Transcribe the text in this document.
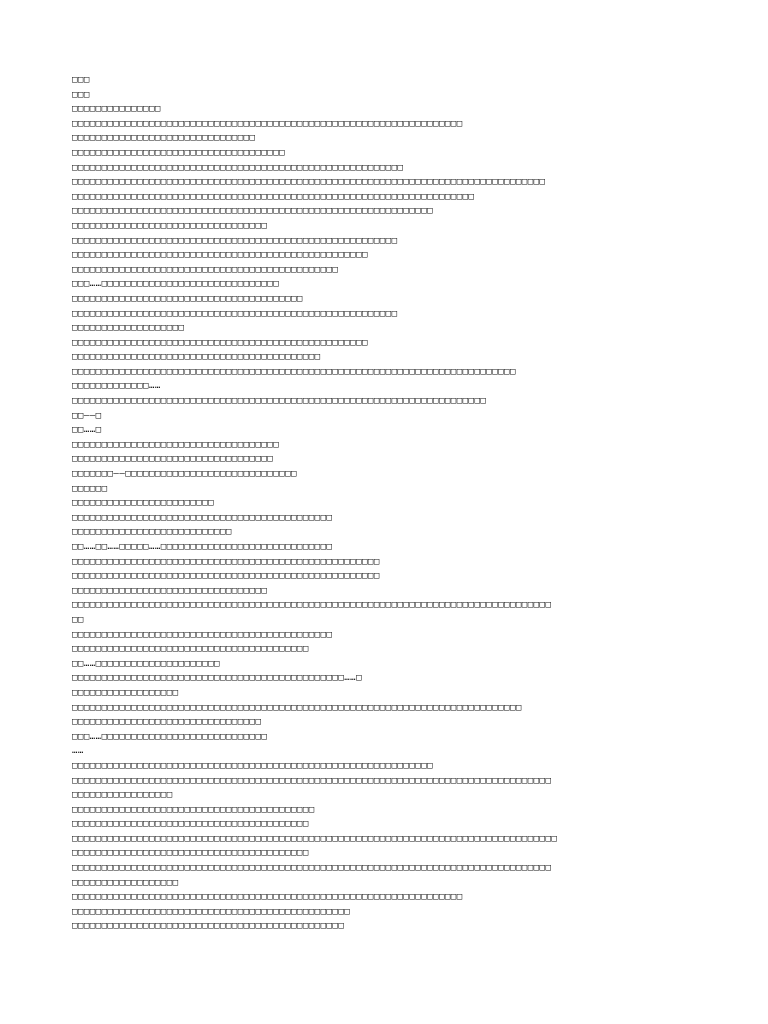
□□□
□□□
□□□□□□□□□□□□□□□
□□□□□□□□□□□□□□□□□□□□□□□□□□□□□□□□□□□□□□□□□□□□□□□□□□□□□□□□□□□□□□□□□□
□□□□□□□□□□□□□□□□□□□□□□□□□□□□□□□
□□□□□□□□□□□□□□□□□□□□□□□□□□□□□□□□□□□□
□□□□□□□□□□□□□□□□□□□□□□□□□□□□□□□□□□□□□□□□□□□□□□□□□□□□□□□□
□□□□□□□□□□□□□□□□□□□□□□□□□□□□□□□□□□□□□□□□□□□□□□□□□□□□□□□□□□□□□□□□□□□□□□□□□□□□□□□□
□□□□□□□□□□□□□□□□□□□□□□□□□□□□□□□□□□□□□□□□□□□□□□□□□□□□□□□□□□□□□□□□□□□□
□□□□□□□□□□□□□□□□□□□□□□□□□□□□□□□□□□□□□□□□□□□□□□□□□□□□□□□□□□□□□
□□□□□□□□□□□□□□□□□□□□□□□□□□□□□□□□□
□□□□□□□□□□□□□□□□□□□□□□□□□□□□□□□□□□□□□□□□□□□□□□□□□□□□□□□
□□□□□□□□□□□□□□□□□□□□□□□□□□□□□□□□□□□□□□□□□□□□□□□□□□
□□□□□□□□□□□□□□□□□□□□□□□□□□□□□□□□□□□□□□□□□□□□□
□□□……□□□□□□□□□□□□□□□□□□□□□□□□□□□□□□
□□□□□□□□□□□□□□□□□□□□□□□□□□□□□□□□□□□□□□□
□□□□□□□□□□□□□□□□□□□□□□□□□□□□□□□□□□□□□□□□□□□□□□□□□□□□□□□
□□□□□□□□□□□□□□□□□□□
□□□□□□□□□□□□□□□□□□□□□□□□□□□□□□□□□□□□□□□□□□□□□□□□□□
□□□□□□□□□□□□□□□□□□□□□□□□□□□□□□□□□□□□□□□□□□
□□□□□□□□□□□□□□□□□□□□□□□□□□□□□□□□□□□□□□□□□□□□□□□□□□□□□□□□□□□□□□□□□□□□□□□□□□□
□□□□□□□□□□□□□……
□□□□□□□□□□□□□□□□□□□□□□□□□□□□□□□□□□□□□□□□□□□□□□□□□□□□□□□□□□□□□□□□□□□□□□
□□——□
□□……□
□□□□□□□□□□□□□□□□□□□□□□□□□□□□□□□□□□□
□□□□□□□□□□□□□□□□□□□□□□□□□□□□□□□□□□
□□□□□□□——□□□□□□□□□□□□□□□□□□□□□□□□□□□□□
□□□□□□
□□□□□□□□□□□□□□□□□□□□□□□□
□□□□□□□□□□□□□□□□□□□□□□□□□□□□□□□□□□□□□□□□□□□□
□□□□□□□□□□□□□□□□□□□□□□□□□□□
□□……□□……□□□□□……□□□□□□□□□□□□□□□□□□□□□□□□□□□□□
□□□□□□□□□□□□□□□□□□□□□□□□□□□□□□□□□□□□□□□□□□□□□□□□□□□□
□□□□□□□□□□□□□□□□□□□□□□□□□□□□□□□□□□□□□□□□□□□□□□□□□□□□
□□□□□□□□□□□□□□□□□□□□□□□□□□□□□□□□□
□□□□□□□□□□□□□□□□□□□□□□□□□□□□□□□□□□□□□□□□□□□□□□□□□□□□□□□□□□□□□□□□□□□□□□□□□□□□□□□□□
□□
□□□□□□□□□□□□□□□□□□□□□□□□□□□□□□□□□□□□□□□□□□□□
□□□□□□□□□□□□□□□□□□□□□□□□□□□□□□□□□□□□□□□□
□□……□□□□□□□□□□□□□□□□□□□□□
□□□□□□□□□□□□□□□□□□□□□□□□□□□□□□□□□□□□□□□□□□□□□□……□
□□□□□□□□□□□□□□□□□□
□□□□□□□□□□□□□□□□□□□□□□□□□□□□□□□□□□□□□□□□□□□□□□□□□□□□□□□□□□□□□□□□□□□□□□□□□□□□
□□□□□□□□□□□□□□□□□□□□□□□□□□□□□□□□
□□□……□□□□□□□□□□□□□□□□□□□□□□□□□□□□
……
□□□□□□□□□□□□□□□□□□□□□□□□□□□□□□□□□□□□□□□□□□□□□□□□□□□□□□□□□□□□□
□□□□□□□□□□□□□□□□□□□□□□□□□□□□□□□□□□□□□□□□□□□□□□□□□□□□□□□□□□□□□□□□□□□□□□□□□□□□□□□□□
□□□□□□□□□□□□□□□□□
□□□□□□□□□□□□□□□□□□□□□□□□□□□□□□□□□□□□□□□□□
□□□□□□□□□□□□□□□□□□□□□□□□□□□□□□□□□□□□□□□□
□□□□□□□□□□□□□□□□□□□□□□□□□□□□□□□□□□□□□□□□□□□□□□□□□□□□□□□□□□□□□□□□□□□□□□□□□□□□□□□□□□
□□□□□□□□□□□□□□□□□□□□□□□□□□□□□□□□□□□□□□□□
□□□□□□□□□□□□□□□□□□□□□□□□□□□□□□□□□□□□□□□□□□□□□□□□□□□□□□□□□□□□□□□□□□□□□□□□□□□□□□□□□
□□□□□□□□□□□□□□□□□□
□□□□□□□□□□□□□□□□□□□□□□□□□□□□□□□□□□□□□□□□□□□□□□□□□□□□□□□□□□□□□□□□□□
□□□□□□□□□□□□□□□□□□□□□□□□□□□□□□□□□□□□□□□□□□□□□□□
□□□□□□□□□□□□□□□□□□□□□□□□□□□□□□□□□□□□□□□□□□□□□□
